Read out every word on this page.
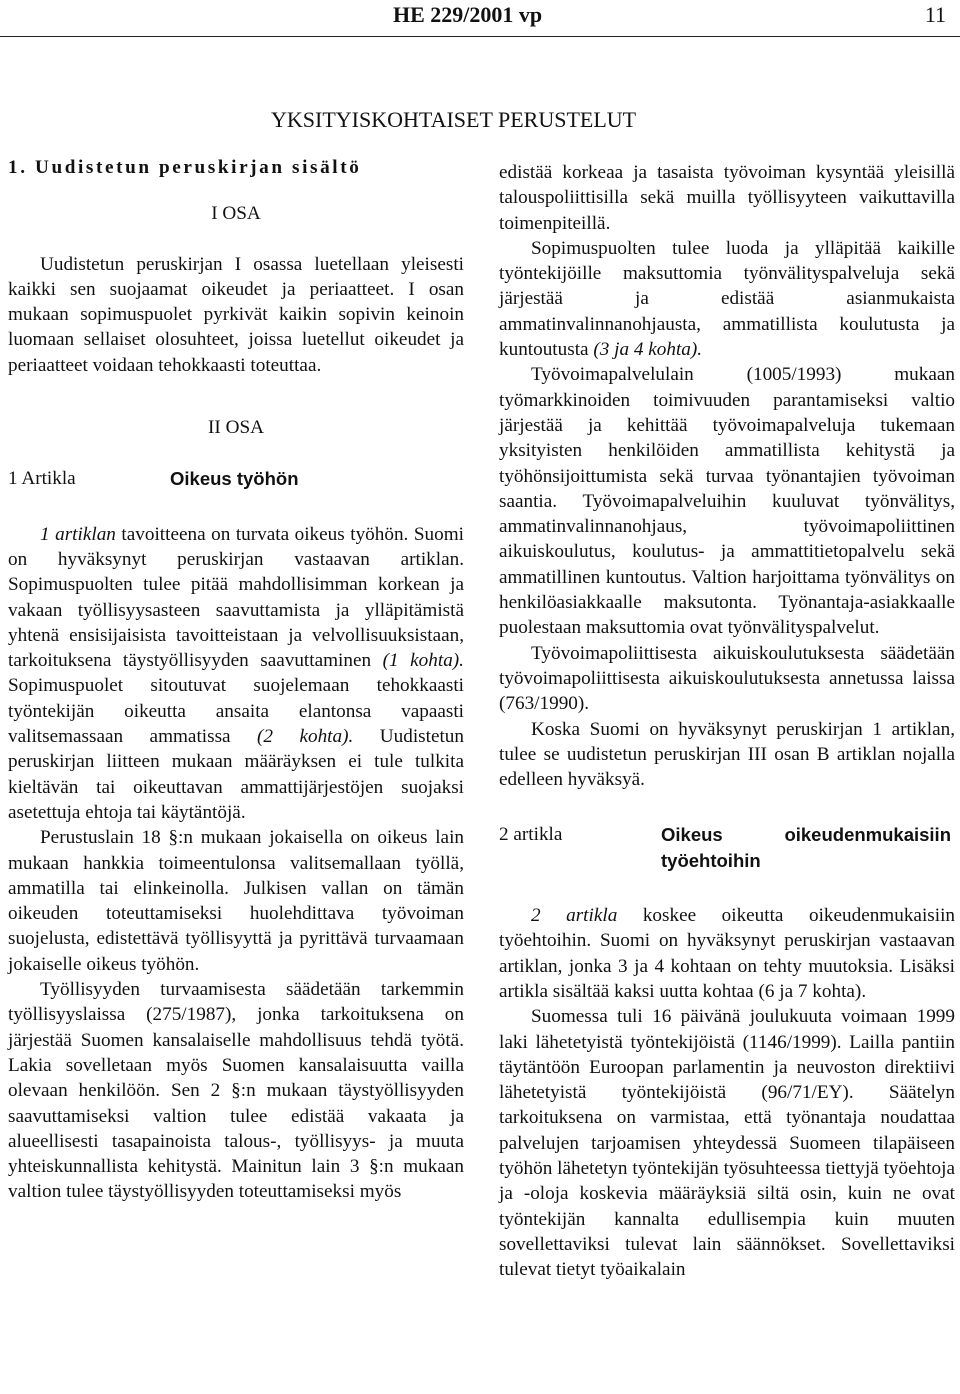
HE 229/2001 vp	11
YKSITYISKOHTAISET PERUSTELUT

1. Uudistetun peruskirjan sisältö

I OSA

Uudistetun peruskirjan I osassa luetellaan yleisesti kaikki sen suojaamat oikeudet ja periaatteet. I osan mukaan sopimuspuolet pyrkivät kaikin sopivin keinoin luomaan sellaiset olosuhteet, joissa luetellut oikeudet ja periaatteet voidaan tehokkaasti toteuttaa.

II OSA

1 Artikla	Oikeus työhön

1 artiklan tavoitteena on turvata oikeus työhön. Suomi on hyväksynyt peruskirjan vastaavan artiklan. Sopimuspuolten tulee pitää mahdollisimman korkean ja vakaan työllisyysasteen saavuttamista ja ylläpitämistä yhtenä ensisijaisista tavoitteistaan ja velvollisuuksistaan, tarkoituksena täystyöllisyyden saavuttaminen (1 kohta). Sopimuspuolet sitoutuvat suojelemaan tehokkaasti työntekijän oikeutta ansaita elantonsa vapaasti valitsemassaan ammatissa (2 kohta). Uudistetun peruskirjan liitteen mukaan määräyksen ei tule tulkita kieltävän tai oikeuttavan ammattijärjestöjen suojaksi asetettuja ehtoja tai käytäntöjä.

Perustuslain 18 §:n mukaan jokaisella on oikeus lain mukaan hankkia toimeentulonsa valitsemallaan työllä, ammatilla tai elinkeinolla. Julkisen vallan on tämän oikeuden toteuttamiseksi huolehdittava työvoiman suojelusta, edistettävä työllisyyttä ja pyrittävä turvaamaan jokaiselle oikeus työhön.

Työllisyyden turvaamisesta säädetään tarkemmin työllisyyslaissa (275/1987), jonka tarkoituksena on järjestää Suomen kansalaiselle mahdollisuus tehdä työtä. Lakia sovelletaan myös Suomen kansalaisuutta vailla olevaan henkilöön. Sen 2 §:n mukaan täystyöllisyyden saavuttamiseksi valtion tulee edistää vakaata ja alueellisesti tasapainoista talous-, työllisyys- ja muuta yhteiskunnallista kehitystä. Mainitun lain 3 §:n mukaan valtion tulee täystyöllisyyden toteuttamiseksi myös

edistää korkeaa ja tasaista työvoiman kysyntää yleisillä talouspoliittisilla sekä muilla työllisyyteen vaikuttavilla toimenpiteillä.

Sopimuspuolten tulee luoda ja ylläpitää kaikille työntekijöille maksuttomia työnvälityspalveluja sekä järjestää ja edistää asianmukaista ammatinvalinnanohjausta, ammatillista koulutusta ja kuntoutusta (3 ja 4 kohta).

Työvoimapalvelulain (1005/1993) mukaan työmarkkinoiden toimivuuden parantamiseksi valtio järjestää ja kehittää työvoimapalveluja tukemaan yksityisten henkilöiden ammatillista kehitystä ja työhönsijoittumista sekä turvaa työnantajien työvoiman saantia. Työvoimapalveluihin kuuluvat työnvälitys, ammatinvalinnanohjaus, työvoimapoliittinen aikuiskoulutus, koulutus- ja ammattitietopalvelu sekä ammatillinen kuntoutus. Valtion harjoittama työnvälitys on henkilöasiakkaalle maksutonta. Työnantaja-asiakkaalle puolestaan maksuttomia ovat työnvälityspalvelut.

Työvoimapoliittisesta aikuiskoulutuksesta säädetään työvoimapoliittisesta aikuiskoulutuksesta annetussa laissa (763/1990).

Koska Suomi on hyväksynyt peruskirjan 1 artiklan, tulee se uudistetun peruskirjan III osan B artiklan nojalla edelleen hyväksyä.

2 artikla	Oikeus oikeudenmukaisiin työehtoihin

2 artikla koskee oikeutta oikeudenmukaisiin työehtoihin. Suomi on hyväksynyt peruskirjan vastaavan artiklan, jonka 3 ja 4 kohtaan on tehty muutoksia. Lisäksi artikla sisältää kaksi uutta kohtaa (6 ja 7 kohta).

Suomessa tuli 16 päivänä joulukuuta voimaan 1999 laki lähetetyistä työntekijöistä (1146/1999). Lailla pantiin täytäntöön Euroopan parlamentin ja neuvoston direktiivi lähetetyistä työntekijöistä (96/71/EY). Säätelyn tarkoituksena on varmistaa, että työnantaja noudattaa palvelujen tarjoamisen yhteydessä Suomeen tilapäiseen työhön lähetetyn työntekijän työsuhteessa tiettyjä työehtoja ja -oloja koskevia määräyksiä siltä osin, kuin ne ovat työntekijän kannalta edullisempia kuin muuten sovellettaviksi tulevat lain säännökset. Sovellettaviksi tulevat tietyt työaikalain
